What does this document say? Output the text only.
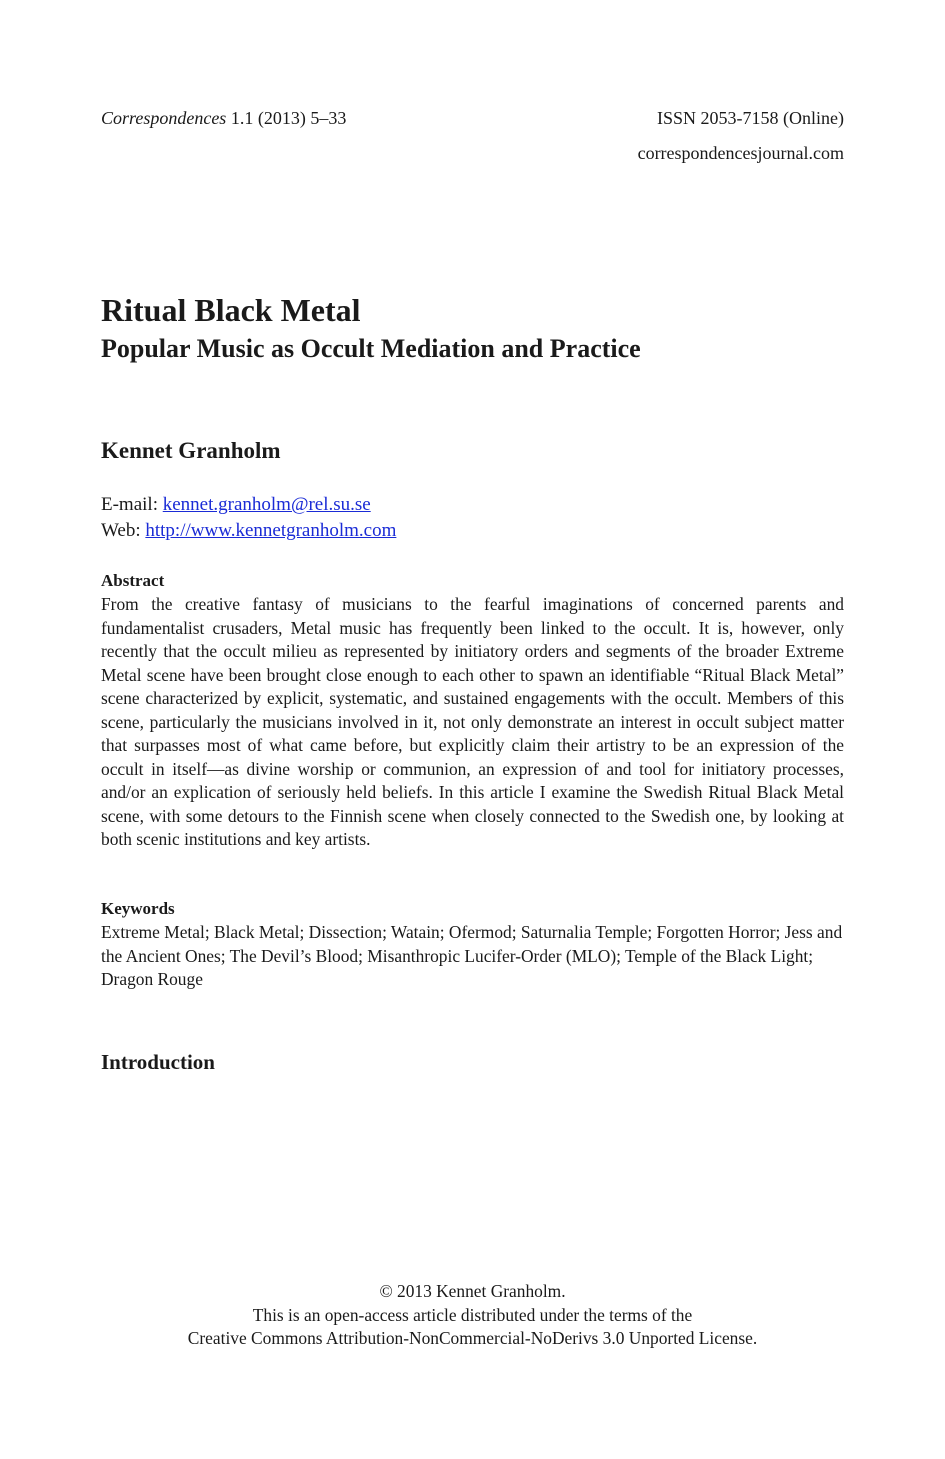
Correspondences 1.1 (2013) 5–33	ISSN 2053-7158 (Online)
correspondencesjournal.com
Ritual Black Metal
Popular Music as Occult Mediation and Practice
Kennet Granholm
E-mail: kennet.granholm@rel.su.se
Web: http://www.kennetgranholm.com
Abstract

From the creative fantasy of musicians to the fearful imaginations of concerned parents and fundamentalist crusaders, Metal music has frequently been linked to the occult. It is, however, only recently that the occult milieu as represented by initiatory orders and segments of the broader Extreme Metal scene have been brought close enough to each other to spawn an identifiable “Ritual Black Metal” scene characterized by explicit, systematic, and sustained engagements with the occult. Members of this scene, particularly the musicians involved in it, not only demonstrate an interest in occult subject matter that surpasses most of what came before, but explicitly claim their artistry to be an expression of the occult in itself—as divine worship or communion, an expression of and tool for initiatory processes, and/or an explication of seriously held beliefs. In this article I examine the Swedish Ritual Black Metal scene, with some detours to the Finnish scene when closely connected to the Swedish one, by looking at both scenic institutions and key artists.

Keywords

Extreme Metal; Black Metal; Dissection; Watain; Ofermod; Saturnalia Temple; Forgotten Horror; Jess and the Ancient Ones; The Devil’s Blood; Misanthropic Lucifer-Order (MLO); Temple of the Black Light; Dragon Rouge

Introduction
© 2013 Kennet Granholm.
This is an open-access article distributed under the terms of the
Creative Commons Attribution-NonCommercial-NoDerivs 3.0 Unported License.
